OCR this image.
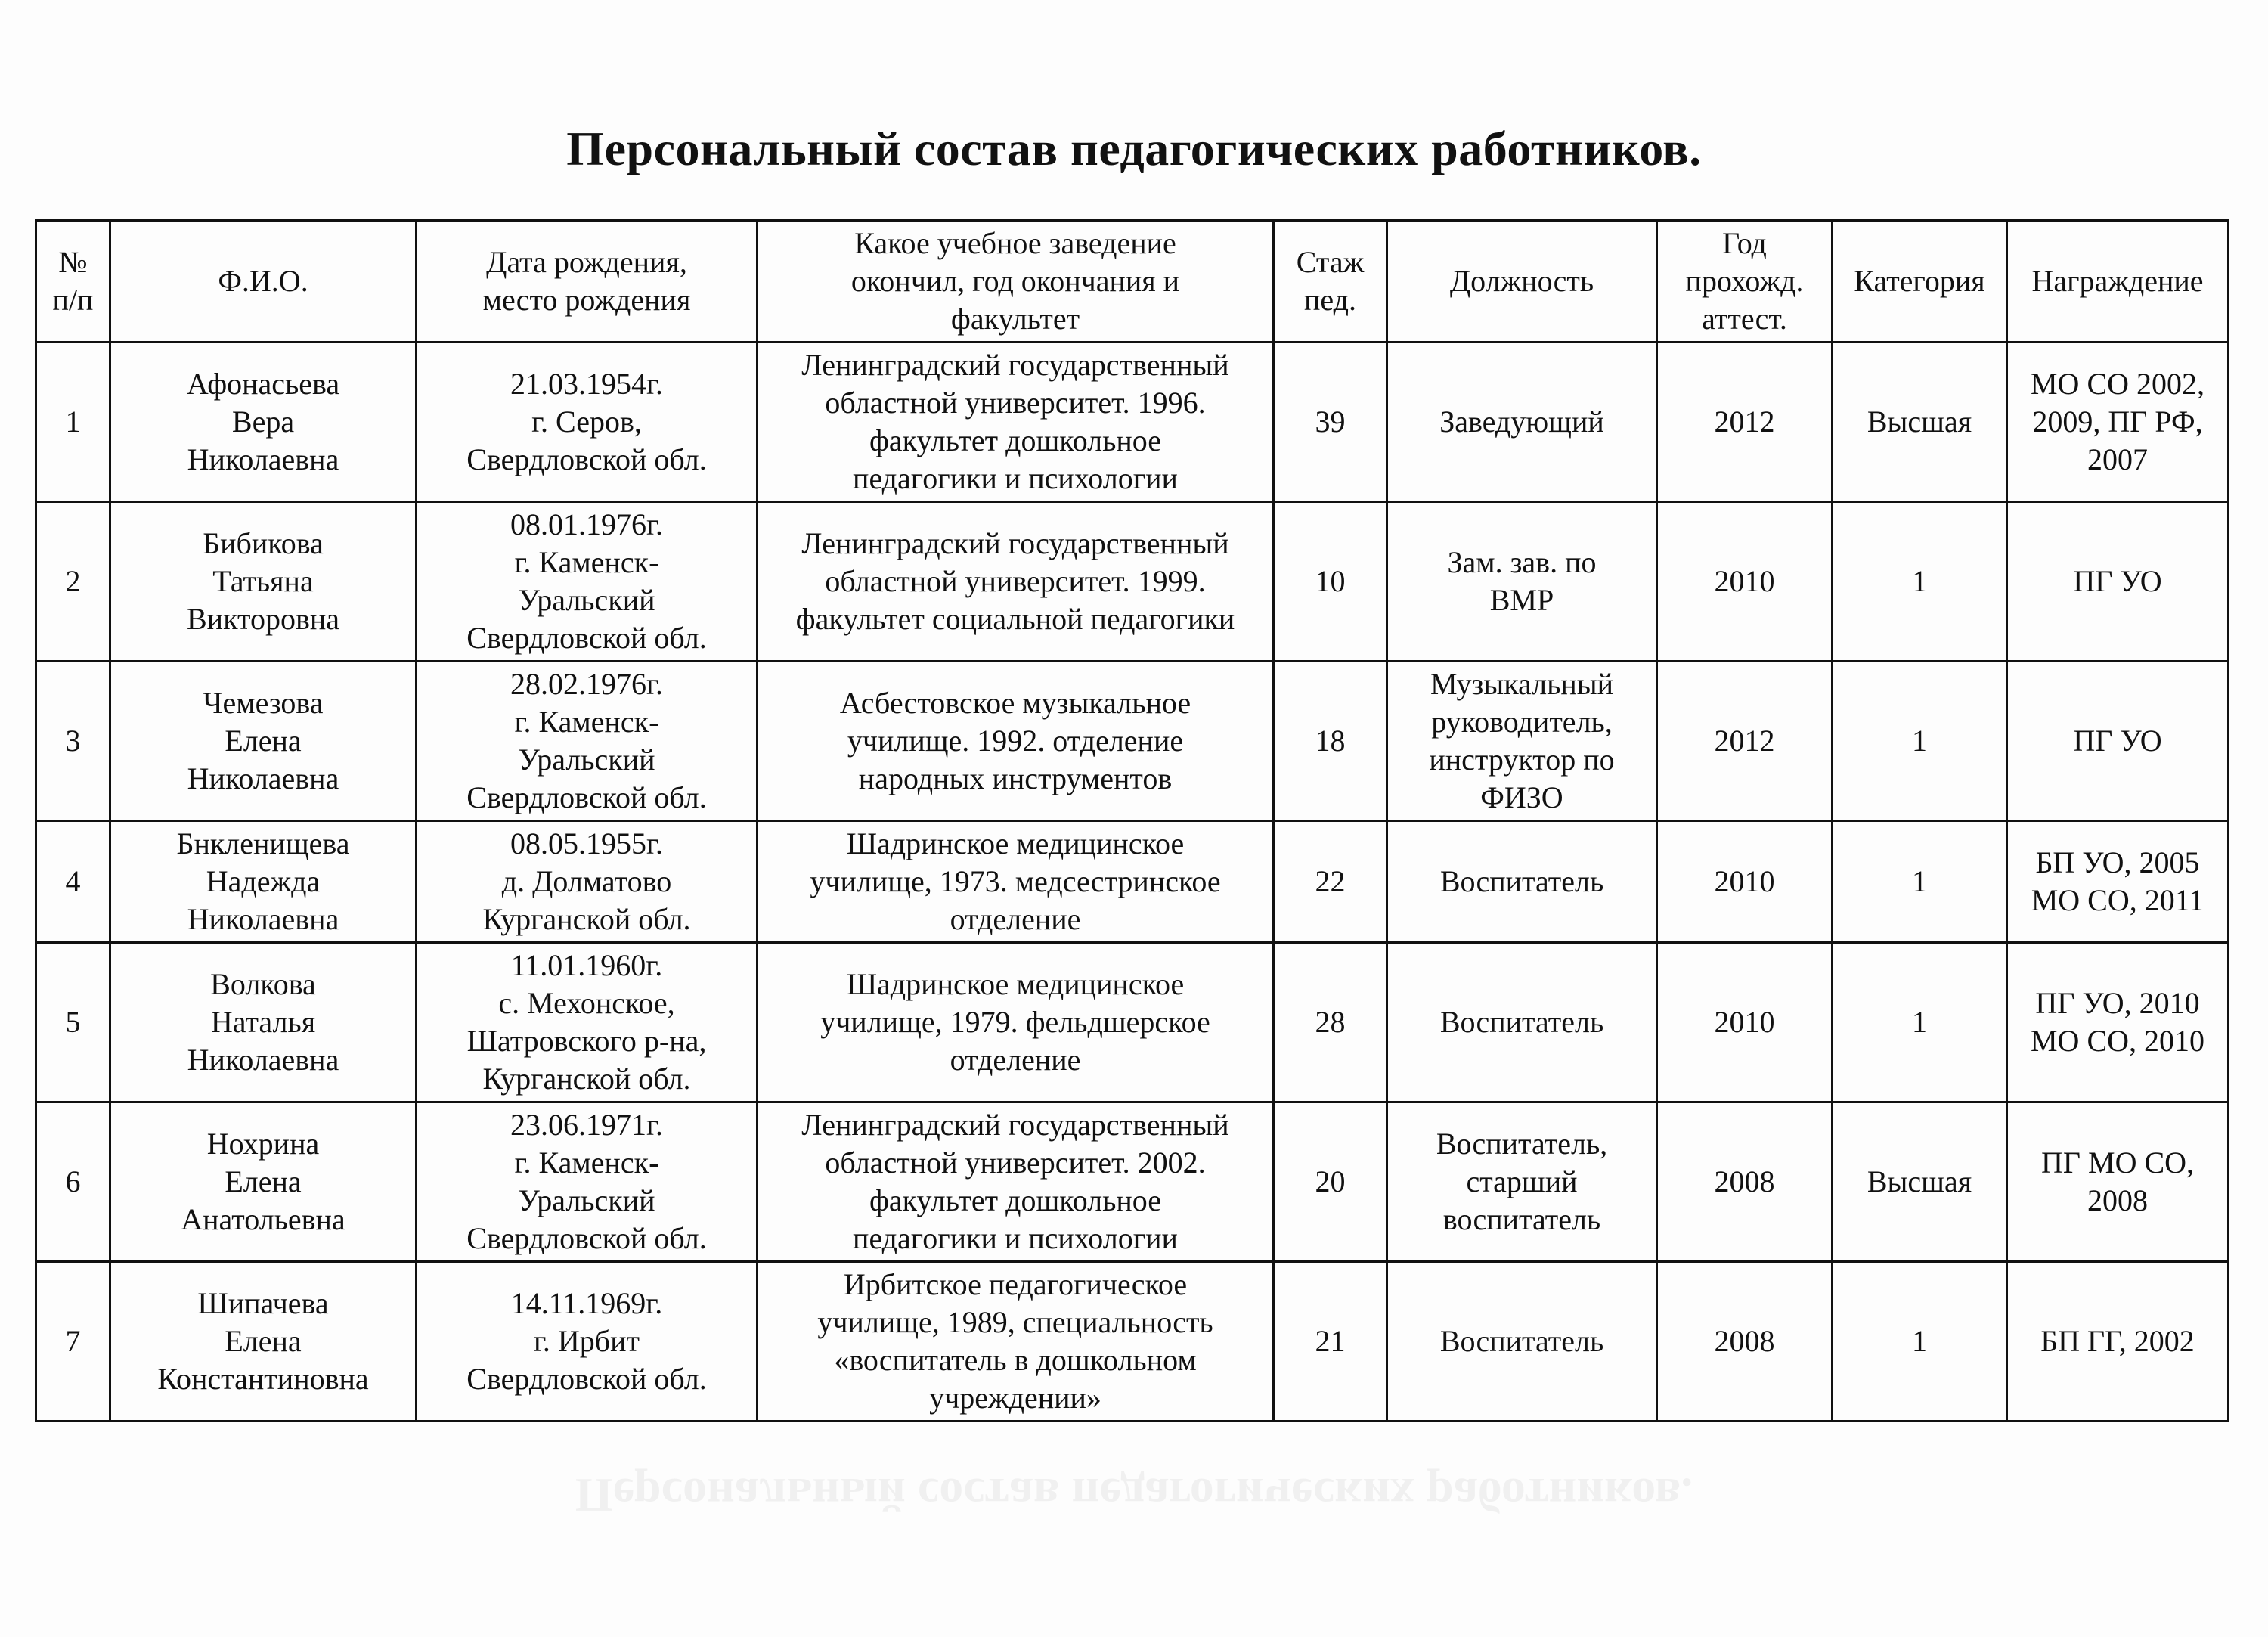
Персональный состав педагогических работников.
№
п/п	Ф.И.О.	Дата рождения,
место рождения	Какое учебное заведение
окончил, год окончания и
факультет	Стаж
пед.	Должность	Год
прохожд.
аттест.	Категория	Награждение

1	Афонасьева
Вера
Николаевна	21.03.1954г.
г. Серов,
Свердловской обл.	Ленинградский государственный
областной университет. 1996.
факультет дошкольное
педагогики и психологии	39	Заведующий	2012	Высшая	МО СО 2002,
2009, ПГ РФ,
2007

2	Бибикова
Татьяна
Викторовна	08.01.1976г.
г. Каменск-
Уральский
Свердловской обл.	Ленинградский государственный
областной университет. 1999.
факультет социальной педагогики	10	Зам. зав. по
ВМР	2010	1	ПГ УО

3	Чемезова
Елена
Николаевна	28.02.1976г.
г. Каменск-
Уральский
Свердловской обл.	Асбестовское музыкальное
училище. 1992. отделение
народных инструментов	18	Музыкальный
руководитель,
инструктор по
ФИЗО	2012	1	ПГ УО

4	Бнкленищева
Надежда
Николаевна	08.05.1955г.
д. Долматово
Курганской обл.	Шадринское медицинское
училище, 1973. медсестринское
отделение	22	Воспитатель	2010	1	БП УО, 2005
МО СО, 2011

5	Волкова
Наталья
Николаевна	11.01.1960г.
с. Мехонское,
Шатровского р-на,
Курганской обл.	Шадринское медицинское
училище, 1979. фельдшерское
отделение	28	Воспитатель	2010	1	ПГ УО, 2010
МО СО, 2010

6	Нохрина
Елена
Анатольевна	23.06.1971г.
г. Каменск-
Уральский
Свердловской обл.	Ленинградский государственный
областной университет. 2002.
факультет дошкольное
педагогики и психологии	20	Воспитатель,
старший
воспитатель	2008	Высшая	ПГ МО СО,
2008

7	Шипачева
Елена
Константиновна	14.11.1969г.
г. Ирбит
Свердловской обл.	Ирбитское педагогическое
училище, 1989, специальность
«воспитатель в дошкольном
учреждении»	21	Воспитатель	2008	1	БП ГГ, 2002
Персональный состав педагогических работников.
